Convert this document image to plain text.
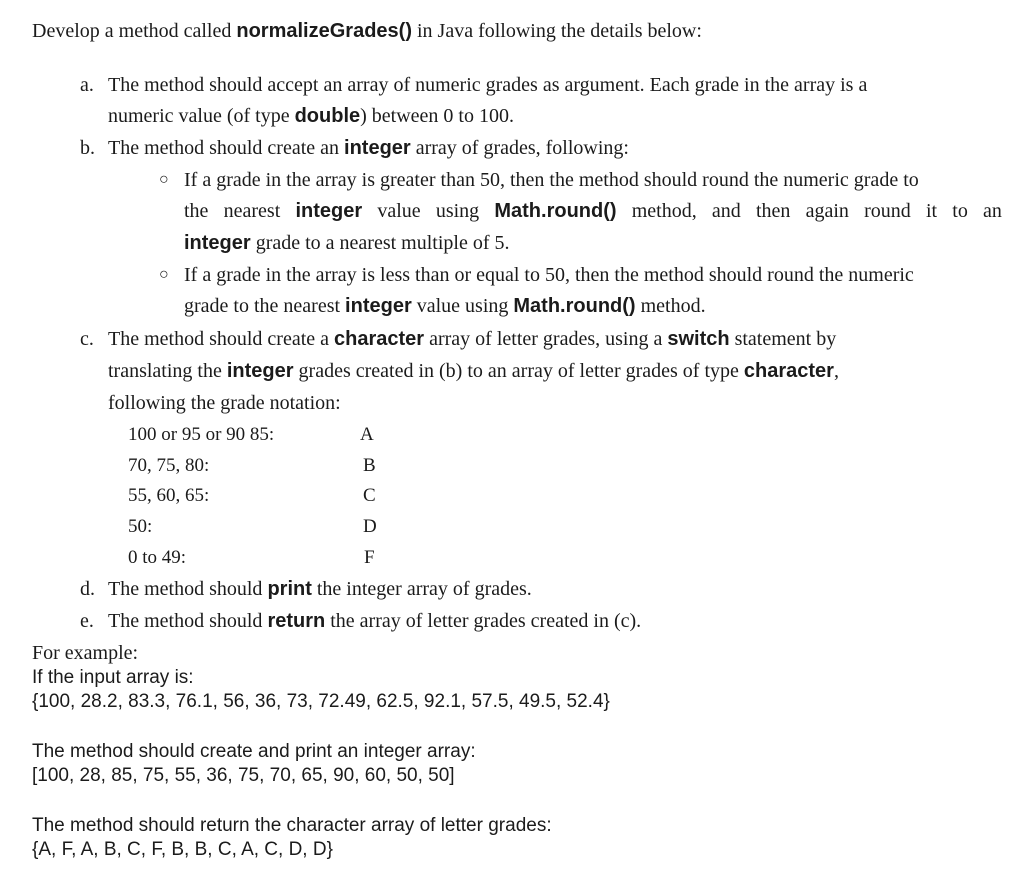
Develop a method called normalizeGrades() in Java following the details below:
a. The method should accept an array of numeric grades as argument. Each grade in the array is a
numeric value (of type double) between 0 to 100.
b. The method should create an integer array of grades, following:
○ If a grade in the array is greater than 50, then the method should round the numeric grade to
the nearest integer value using Math.round() method, and then again round it to an
integer grade to a nearest multiple of 5.
○ If a grade in the array is less than or equal to 50, then the method should round the numeric
grade to the nearest integer value using Math.round() method.
c. The method should create a character array of letter grades, using a switch statement by
translating the integer grades created in (b) to an array of letter grades of type character,
following the grade notation:
100 or 95 or 90 85:	A
70, 75, 80:	B
55, 60, 65:	C
50:	D
0 to 49:	F
d. The method should print the integer array of grades.
e. The method should return the array of letter grades created in (c).
For example:
If the input array is:
{100, 28.2, 83.3, 76.1, 56, 36, 73, 72.49, 62.5, 92.1, 57.5, 49.5, 52.4}
The method should create and print an integer array:
[100, 28, 85, 75, 55, 36, 75, 70, 65, 90, 60, 50, 50]
The method should return the character array of letter grades:
{A, F, A, B, C, F, B, B, C, A, C, D, D}
